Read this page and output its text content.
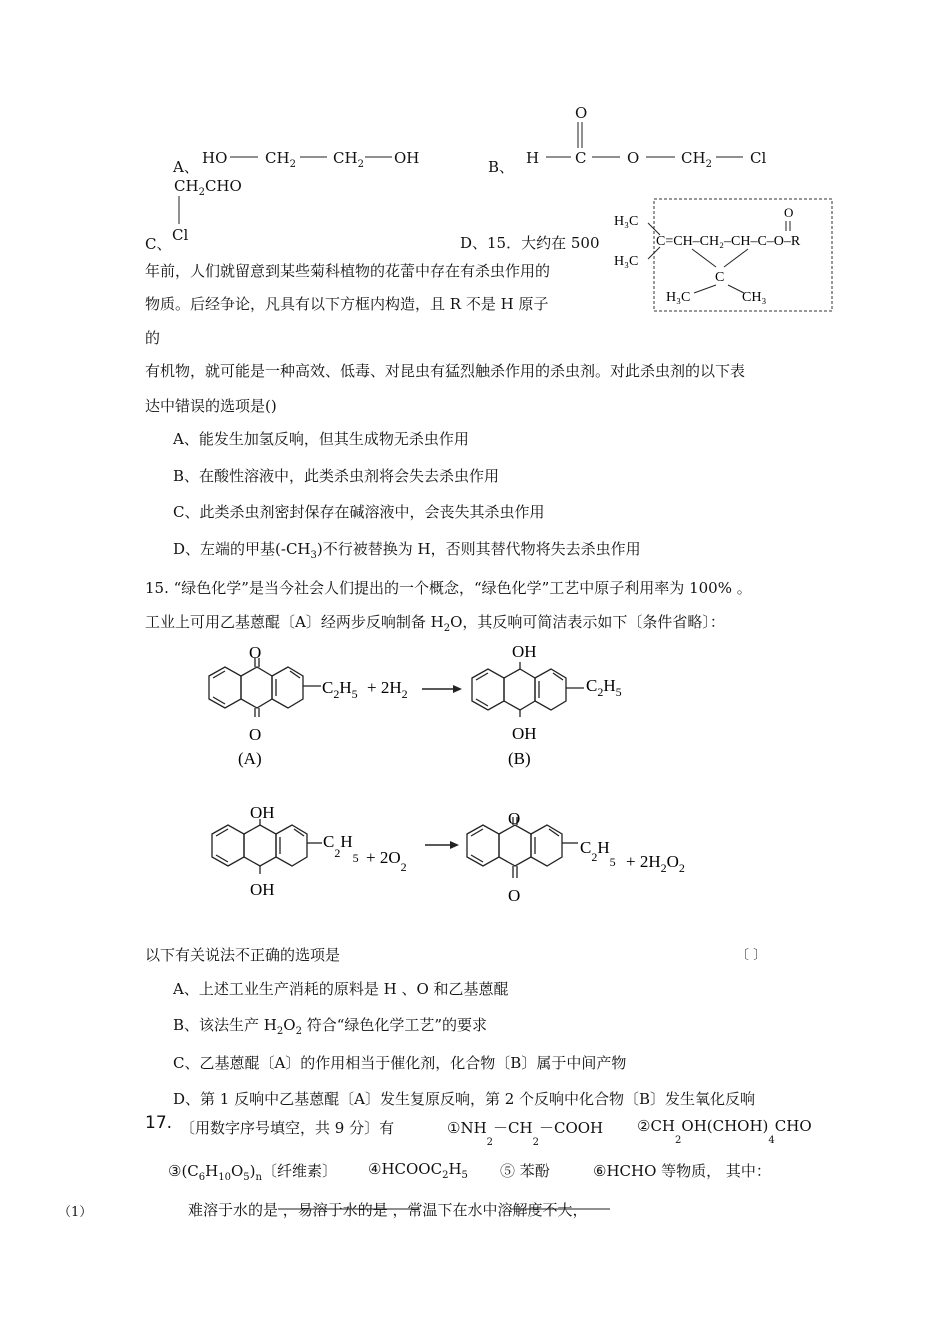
A、 HO	$CH_2$ $CH_2$ OH	B、 H C
O
O	$CH_2$	Cl
$CH_2CHO$
C、 Cl	D、 15．大约在 500
年前，人们就留意到某些菊科植物的花蕾中存在有杀虫作用的
物质。后经争论，凡具有以下方框内构造，且 R 不是 H 原子
的
有机物，就可能是一种高效、低毒、对昆虫有猛烈触杀作用的杀虫剂。对此杀虫剂的以下表
达中错误的选项是()
H₃C
H₃C
C=CH–CH₂–CH–C–O–R
O
C
H₃C	CH₃
A、能发生加氢反响，但其生成物无杀虫作用
B、在酸性溶液中，此类杀虫剂将会失去杀虫作用
C、此类杀虫剂密封保存在碱溶液中，会丧失其杀虫作用
D、左端的甲基$(-CH_3)$不行被替换为 H，否则其替代物将失去杀虫作用
15. “绿色化学”是当今社会人们提出的一个概念，“绿色化学”工艺中原子利用率为 100% 。
工业上可用乙基蒽醌〔A〕经两步反响制备 $H_2O$，其反响可简洁表示如下〔条件省略〕：
O
O
$C_2H_5 + 2H_2$
OH
OH
$C_2H_5$
(A)	(B)
OH
OH
$C_2H_5 + 2O_2$
O
O
$C_2H_5 + 2H_2O_2$
以下有关说法不正确的选项是	〔 〕
A、上述工业生产消耗的原料是 H 、O 和乙基蒽醌
B、该法生产 $H_2O_2$ 符合“绿色化学工艺”的要求
C、乙基蒽醌〔A〕的作用相当于催化剂，化合物〔B〕属于中间产物
D、第 1 反响中乙基蒽醌〔A〕发生复原反响，第 2 个反响中化合物〔B〕发生氧化反响
17. 〔用数字序号填空，共 9 分〕有	$①NH_2-CH_2-COOH$ $②CH_2OH(CHOH)_4CHO$
$③(C_6H_{10}O_5)_n$〔纤维素〕 $④HCOOC_2H_5$ ⑤ 苯酚	⑥HCHO 等物质， 其中：
（1）	难溶于水的是 ，易溶于水的是 ，常温下在水中溶解度不大，
